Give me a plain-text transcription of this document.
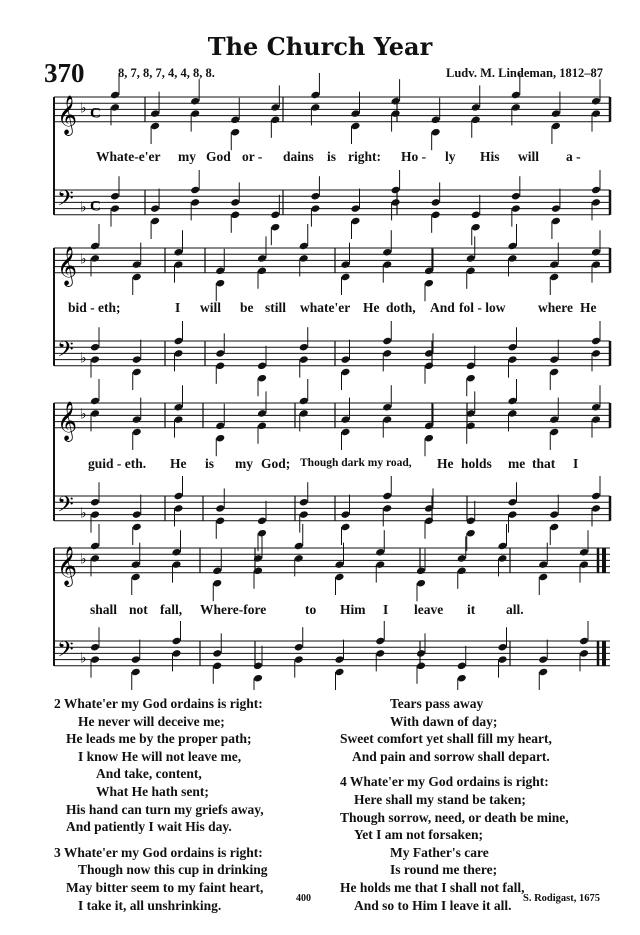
The Church Year
370	8, 7, 8, 7, 4, 4, 8, 8.	Ludv. M. Lindeman, 1812–87
𝄞 ♭ C
𝄢 ♭ C
𝄞 ♭
𝄢 ♭
𝄞 ♭
𝄢 ♭
𝄞 ♭
𝄢 ♭
Whate-e'er my God or - dains is right: Ho - ly His will a -
bid - eth;	I will be still whate'er He doth, And fol - low where He
guid - eth. He is my God; Though dark my road, He holds me that I
shall not fall, Where-fore	to Him I leave it all.
2 Whate'er my God ordains is right:
He never will deceive me;
He leads me by the proper path;
I know He will not leave me,
And take, content,
What He hath sent;
His hand can turn my griefs away,
And patiently I wait His day.
3 Whate'er my God ordains is right:
Though now this cup in drinking
May bitter seem to my faint heart,
I take it, all unshrinking.
Tears pass away
With dawn of day;
Sweet comfort yet shall fill my heart,
And pain and sorrow shall depart.
4 Whate'er my God ordains is right:
Here shall my stand be taken;
Though sorrow, need, or death be mine,
Yet I am not forsaken;
My Father's care
Is round me there;
He holds me that I shall not fall,
And so to Him I leave it all.
400	S. Rodigast, 1675
